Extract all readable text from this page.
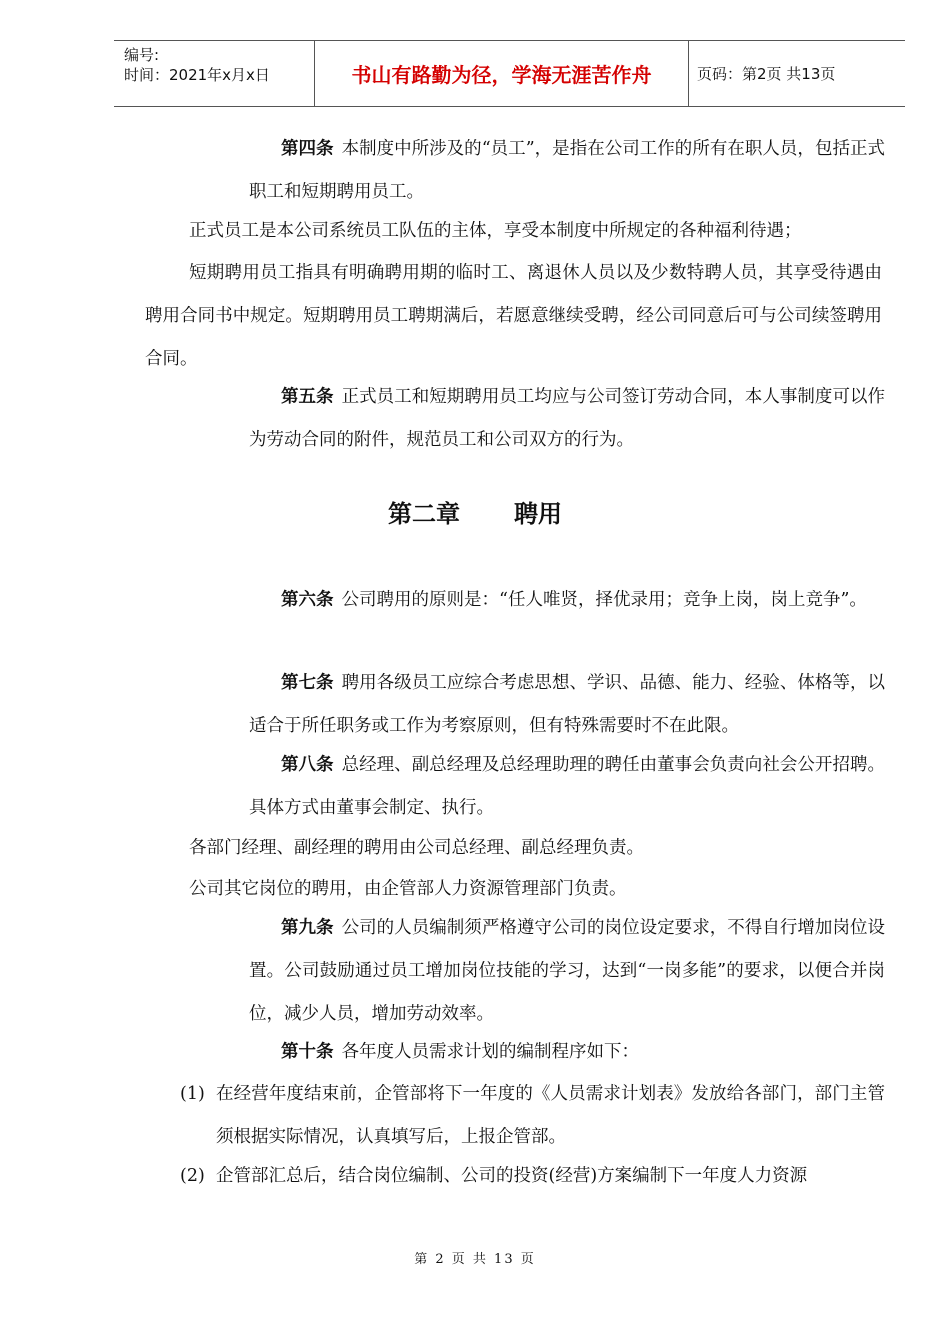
编号:
时间：2021年x月x日	书山有路勤为径，学海无涯苦作舟	页码：第2页 共13页

第四条 本制度中所涉及的“员工”，是指在公司工作的所有在职人员，包括正式职工和短期聘用员工。

正式员工是本公司系统员工队伍的主体，享受本制度中所规定的各种福利待遇；

短期聘用员工指具有明确聘用期的临时工、离退休人员以及少数特聘人员，其享受待遇由聘用合同书中规定。短期聘用员工聘期满后，若愿意继续受聘，经公司同意后可与公司续签聘用合同。

第五条 正式员工和短期聘用员工均应与公司签订劳动合同，本人事制度可以作为劳动合同的附件，规范员工和公司双方的行为。

第二章 聘用

第六条 公司聘用的原则是：“任人唯贤，择优录用；竞争上岗，岗上竞争”。

第七条 聘用各级员工应综合考虑思想、学识、品德、能力、经验、体格等，以适合于所任职务或工作为考察原则，但有特殊需要时不在此限。

第八条 总经理、副总经理及总经理助理的聘任由董事会负责向社会公开招聘。具体方式由董事会制定、执行。

各部门经理、副经理的聘用由公司总经理、副总经理负责。

公司其它岗位的聘用，由企管部人力资源管理部门负责。

第九条 公司的人员编制须严格遵守公司的岗位设定要求，不得自行增加岗位设置。公司鼓励通过员工增加岗位技能的学习，达到“一岗多能”的要求，以便合并岗位，减少人员，增加劳动效率。

第十条 各年度人员需求计划的编制程序如下：

(1) 在经营年度结束前，企管部将下一年度的《人员需求计划表》发放给各部门，部门主管须根据实际情况，认真填写后，上报企管部。
(2) 企管部汇总后，结合岗位编制、公司的投资(经营)方案编制下一年度人力资源
第 2 页 共 13 页
